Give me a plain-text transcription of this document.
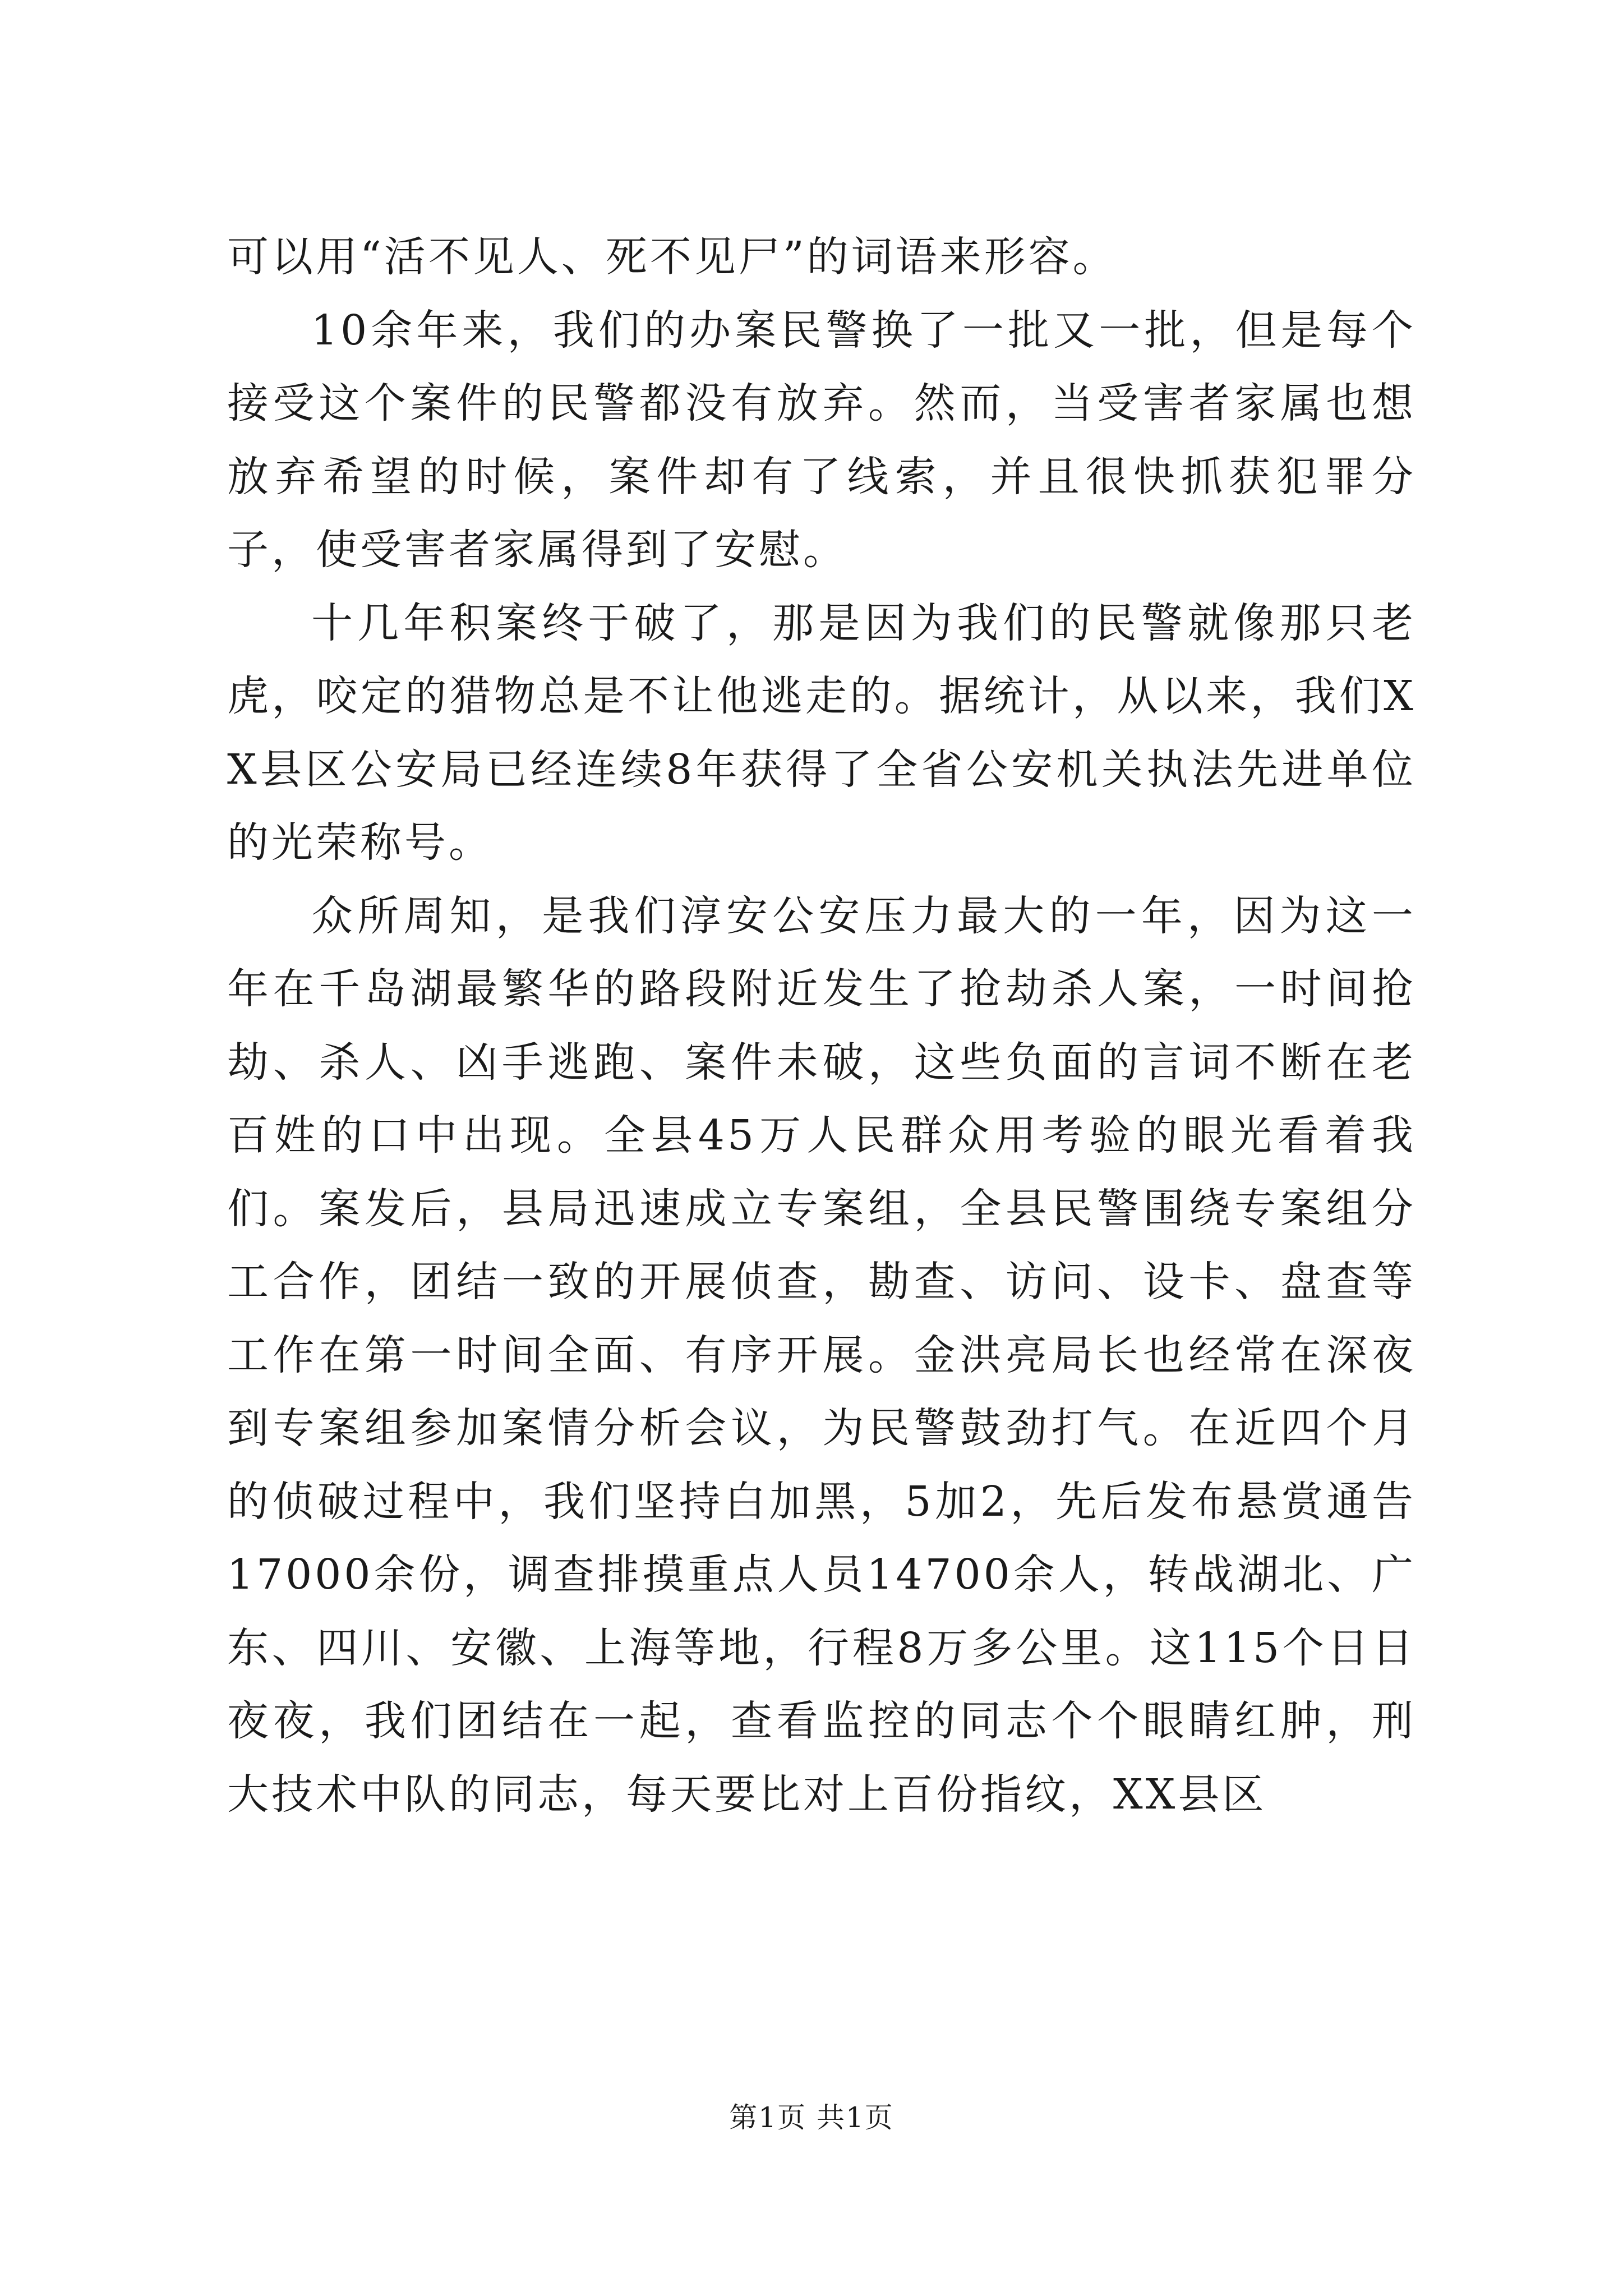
可以用“活不见人、死不见尸”的词语来形容。

10余年来，我们的办案民警换了一批又一批，但是每个接受这个案件的民警都没有放弃。然而，当受害者家属也想放弃希望的时候，案件却有了线索，并且很快抓获犯罪分子，使受害者家属得到了安慰。

十几年积案终于破了，那是因为我们的民警就像那只老虎，咬定的猎物总是不让他逃走的。据统计，从以来，我们XX县区公安局已经连续8年获得了全省公安机关执法先进单位的光荣称号。

众所周知，是我们淳安公安压力最大的一年，因为这一年在千岛湖最繁华的路段附近发生了抢劫杀人案，一时间抢劫、杀人、凶手逃跑、案件未破，这些负面的言词不断在老百姓的口中出现。全县45万人民群众用考验的眼光看着我们。案发后，县局迅速成立专案组，全县民警围绕专案组分工合作，团结一致的开展侦查，勘查、访问、设卡、盘查等工作在第一时间全面、有序开展。金洪亮局长也经常在深夜到专案组参加案情分析会议，为民警鼓劲打气。在近四个月的侦破过程中，我们坚持白加黑，5加2，先后发布悬赏通告17000余份，调查排摸重点人员14700余人，转战湖北、广东、四川、安徽、上海等地，行程8万多公里。这115个日日夜夜，我们团结在一起，查看监控的同志个个眼睛红肿，刑大技术中队的同志，每天要比对上百份指纹，XX县区

第1页 共1页
